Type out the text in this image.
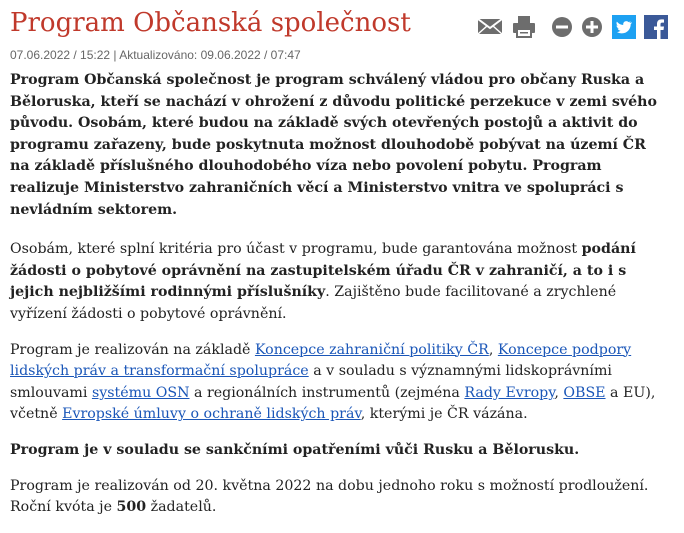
Program Občanská společnost
07.06.2022 / 15:22 | Aktualizováno: 09.06.2022 / 07:47

Program Občanská společnost je program schválený vládou pro občany Ruska a Běloruska, kteří se nachází v ohrožení z důvodu politické perzekuce v zemi svého původu. Osobám, které budou na základě svých otevřených postojů a aktivit do programu zařazeny, bude poskytnuta možnost dlouhodobě pobývat na území ČR na základě příslušného dlouhodobého víza nebo povolení pobytu. Program realizuje Ministerstvo zahraničních věcí a Ministerstvo vnitra ve spolupráci s nevládním sektorem.

Osobám, které splní kritéria pro účast v programu, bude garantována možnost podání žádosti o pobytové oprávnění na zastupitelském úřadu ČR v zahraničí, a to i s jejich nejbližšími rodinnými příslušníky. Zajištěno bude facilitované a zrychlené vyřízení žádosti o pobytové oprávnění.

Program je realizován na základě Koncepce zahraniční politiky ČR, Koncepce podpory lidských práv a transformační spolupráce a v souladu s významnými lidskoprávními smlouvami systému OSN a regionálních instrumentů (zejména Rady Evropy, OBSE a EU), včetně Evropské úmluvy o ochraně lidských práv, kterými je ČR vázána.

Program je v souladu se sankčními opatřeními vůči Rusku a Bělorusku.

Program je realizován od 20. května 2022 na dobu jednoho roku s možností prodloužení. Roční kvóta je 500 žadatelů.
